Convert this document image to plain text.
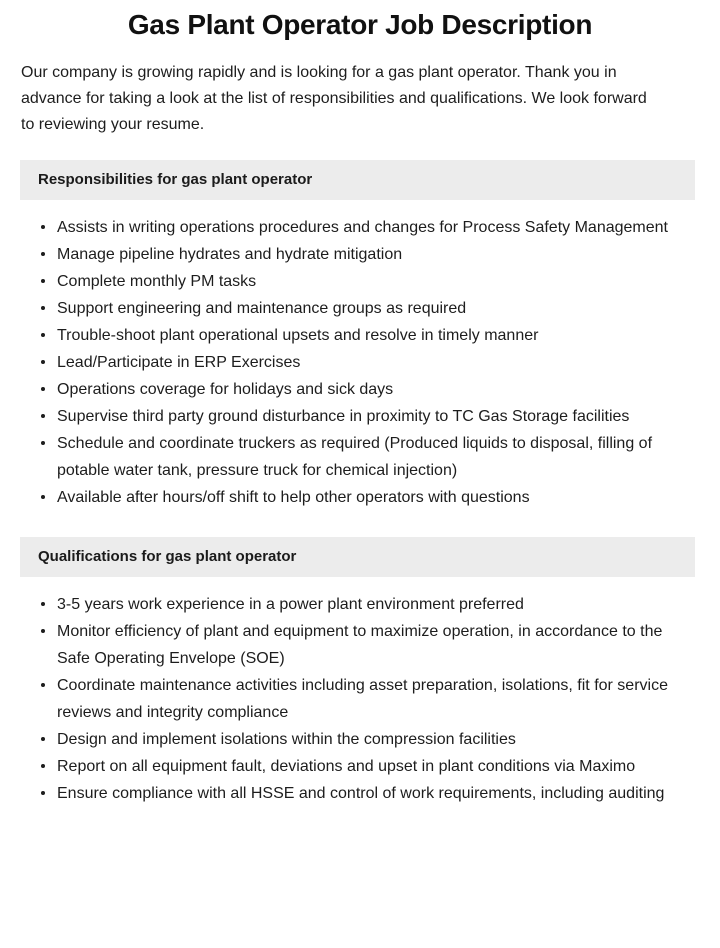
Gas Plant Operator Job Description

Our company is growing rapidly and is looking for a gas plant operator. Thank you in advance for taking a look at the list of responsibilities and qualifications. We look forward to reviewing your resume.

Responsibilities for gas plant operator
Assists in writing operations procedures and changes for Process Safety Management
Manage pipeline hydrates and hydrate mitigation
Complete monthly PM tasks
Support engineering and maintenance groups as required
Trouble-shoot plant operational upsets and resolve in timely manner
Lead/Participate in ERP Exercises
Operations coverage for holidays and sick days
Supervise third party ground disturbance in proximity to TC Gas Storage facilities
Schedule and coordinate truckers as required (Produced liquids to disposal, filling of potable water tank, pressure truck for chemical injection)
Available after hours/off shift to help other operators with questions
Qualifications for gas plant operator
3-5 years work experience in a power plant environment preferred
Monitor efficiency of plant and equipment to maximize operation, in accordance to the Safe Operating Envelope (SOE)
Coordinate maintenance activities including asset preparation, isolations, fit for service reviews and integrity compliance
Design and implement isolations within the compression facilities
Report on all equipment fault, deviations and upset in plant conditions via Maximo
Ensure compliance with all HSSE and control of work requirements, including auditing
